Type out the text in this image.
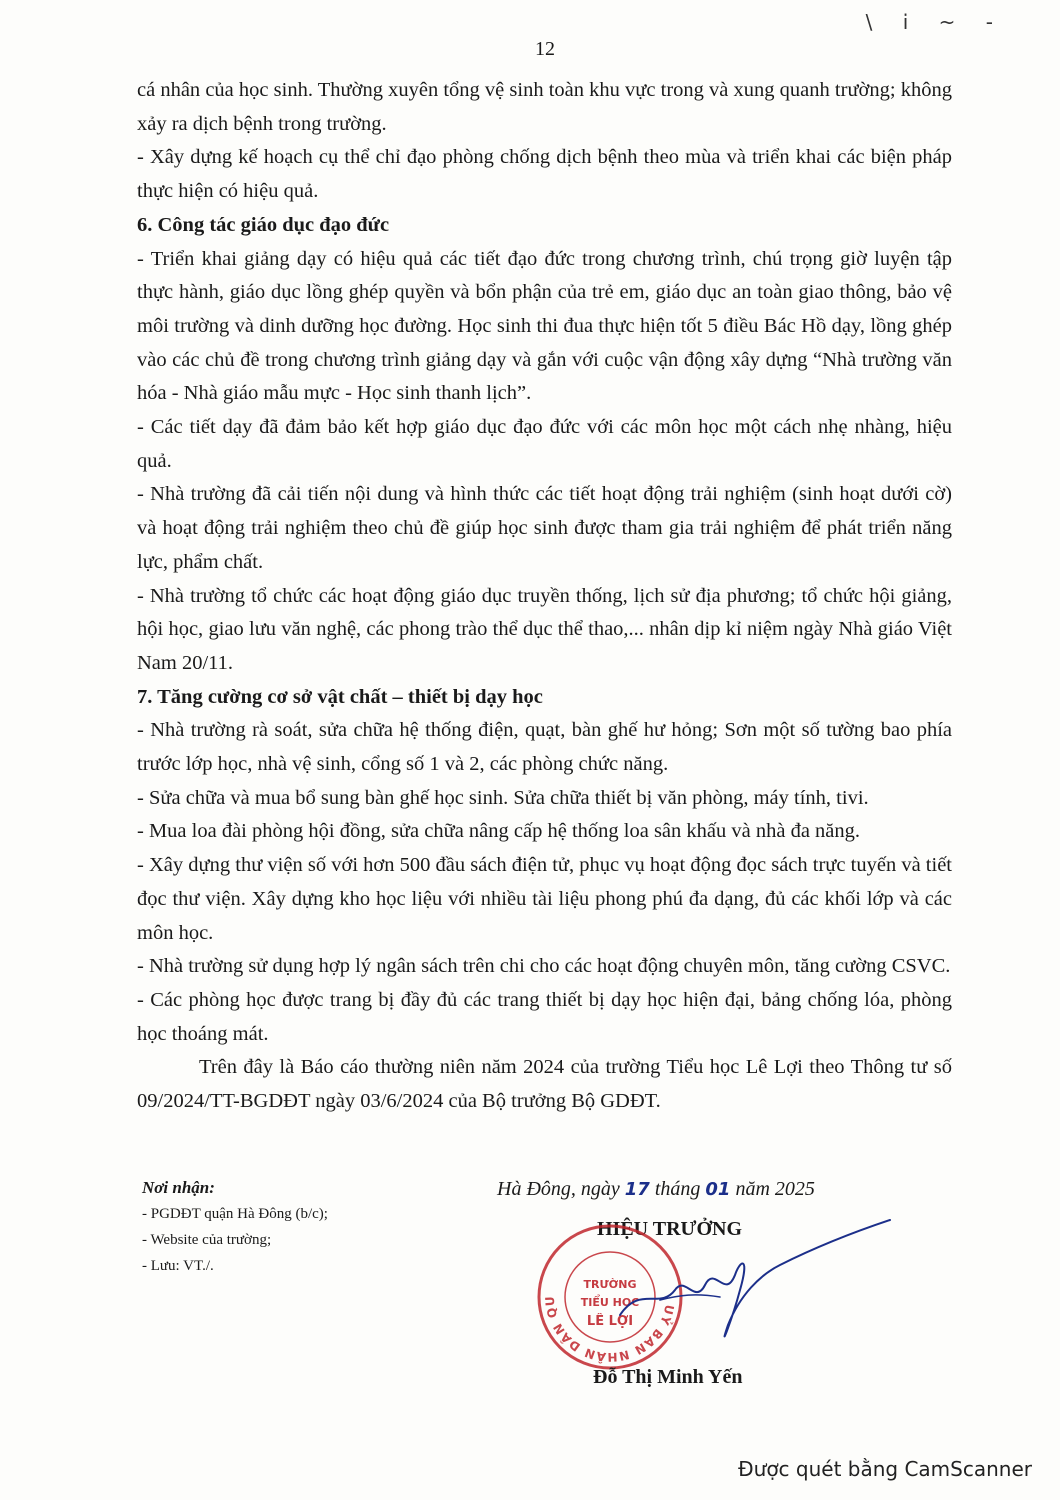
\ i ~ -
12

cá nhân của học sinh. Thường xuyên tổng vệ sinh toàn khu vực trong và xung quanh trường; không xảy ra dịch bệnh trong trường.

- Xây dựng kế hoạch cụ thể chỉ đạo phòng chống dịch bệnh theo mùa và triển khai các biện pháp thực hiện có hiệu quả.

6. Công tác giáo dục đạo đức

- Triển khai giảng dạy có hiệu quả các tiết đạo đức trong chương trình, chú trọng giờ luyện tập thực hành, giáo dục lồng ghép quyền và bổn phận của trẻ em, giáo dục an toàn giao thông, bảo vệ môi trường và dinh dưỡng học đường. Học sinh thi đua thực hiện tốt 5 điều Bác Hồ dạy, lồng ghép vào các chủ đề trong chương trình giảng dạy và gắn với cuộc vận động xây dựng “Nhà trường văn hóa - Nhà giáo mẫu mực - Học sinh thanh lịch”.

- Các tiết dạy đã đảm bảo kết hợp giáo dục đạo đức với các môn học một cách nhẹ nhàng, hiệu quả.

- Nhà trường đã cải tiến nội dung và hình thức các tiết hoạt động trải nghiệm (sinh hoạt dưới cờ) và hoạt động trải nghiệm theo chủ đề giúp học sinh được tham gia trải nghiệm để phát triển năng lực, phẩm chất.

- Nhà trường tổ chức các hoạt động giáo dục truyền thống, lịch sử địa phương; tổ chức hội giảng, hội học, giao lưu văn nghệ, các phong trào thể dục thể thao,... nhân dịp kỉ niệm ngày Nhà giáo Việt Nam 20/11.

7. Tăng cường cơ sở vật chất – thiết bị dạy học

- Nhà trường rà soát, sửa chữa hệ thống điện, quạt, bàn ghế hư hỏng; Sơn một số tường bao phía trước lớp học, nhà vệ sinh, cổng số 1 và 2, các phòng chức năng.

- Sửa chữa và mua bổ sung bàn ghế học sinh. Sửa chữa thiết bị văn phòng, máy tính, tivi.

- Mua loa đài phòng hội đồng, sửa chữa nâng cấp hệ thống loa sân khấu và nhà đa năng.

- Xây dựng thư viện số với hơn 500 đầu sách điện tử, phục vụ hoạt động đọc sách trực tuyến và tiết đọc thư viện. Xây dựng kho học liệu với nhiều tài liệu phong phú đa dạng, đủ các khối lớp và các môn học.

- Nhà trường sử dụng hợp lý ngân sách trên chi cho các hoạt động chuyên môn, tăng cường CSVC.

- Các phòng học được trang bị đầy đủ các trang thiết bị dạy học hiện đại, bảng chống lóa, phòng học thoáng mát.

Trên đây là Báo cáo thường niên năm 2024 của trường Tiểu học Lê Lợi theo Thông tư số 09/2024/TT-BGDĐT ngày 03/6/2024 của Bộ trưởng Bộ GDĐT.

Nơi nhận:
- PGDĐT quận Hà Đông (b/c);
- Website của trường;
- Lưu: VT./.
Hà Đông, ngày 17 tháng 01 năm 2025
HIỆU TRƯỞNG
UỶ BAN NHÂN DÂN QU
TRƯỜNG
TIỂU HỌC
LÊ LỢI
Đỗ Thị Minh Yến
Được quét bằng CamScanner
